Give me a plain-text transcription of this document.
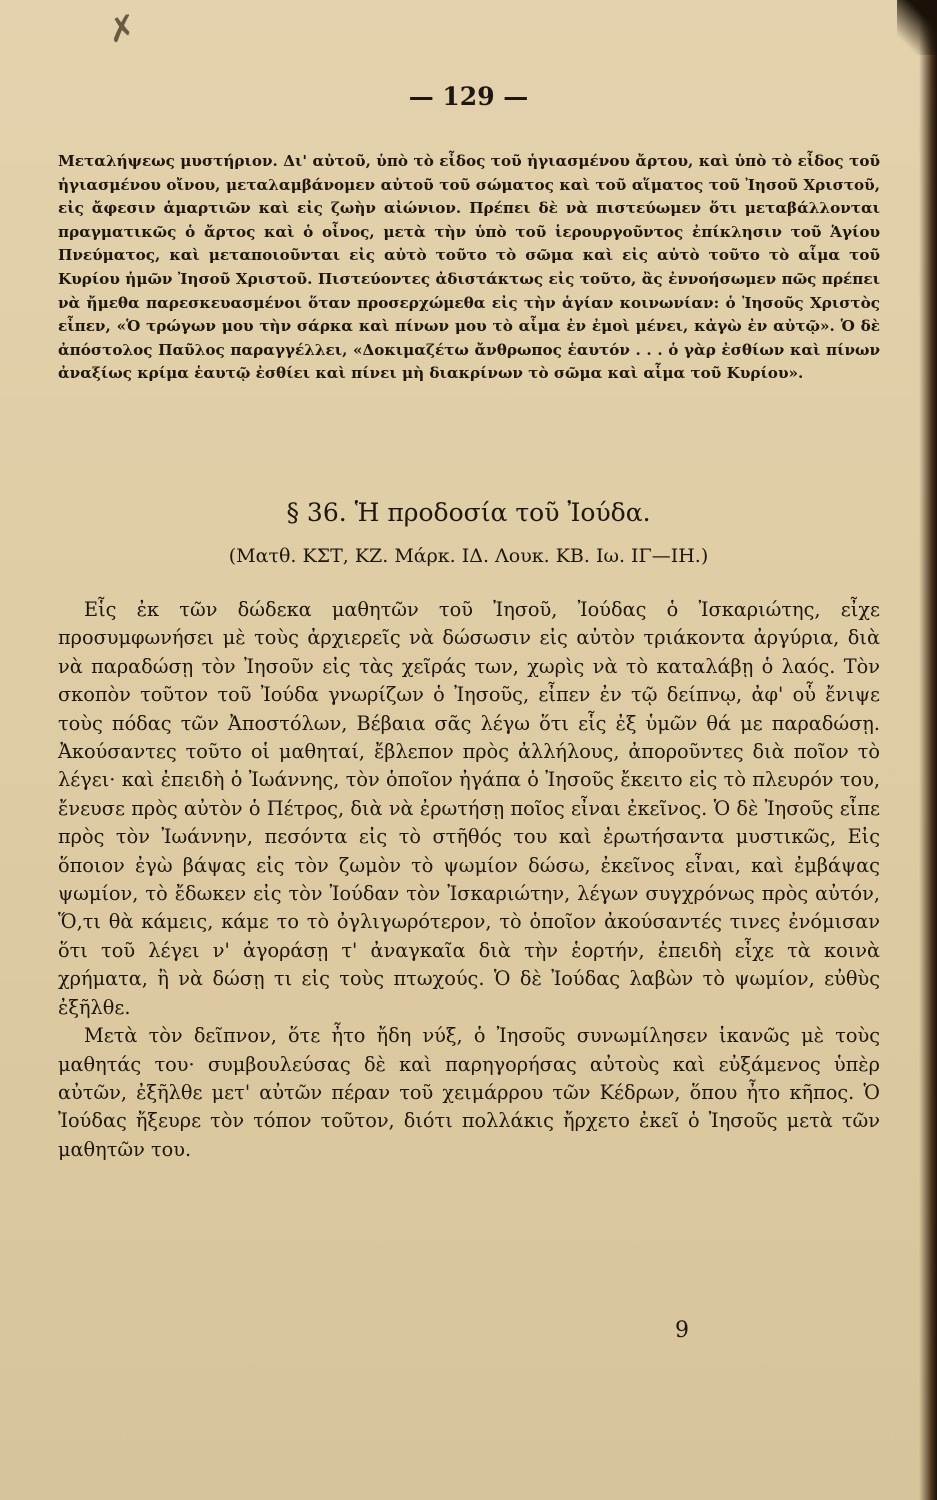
✗
— 129 —

Μεταλήψεως μυστήριον. Δι' αὐτοῦ, ὑπὸ τὸ εἶδος τοῦ ἡγιασμένου ἄρτου, καὶ ὑπὸ τὸ εἶδος τοῦ ἡγιασμένου οἴνου, μεταλαμβάνομεν αὐτοῦ τοῦ σώματος καὶ τοῦ αἵματος τοῦ Ἰησοῦ Χριστοῦ, εἰς ἄφεσιν ἁμαρτιῶν καὶ εἰς ζωὴν αἰώνιον. Πρέπει δὲ νὰ πιστεύωμεν ὅτι μεταβάλλονται πραγματικῶς ὁ ἄρτος καὶ ὁ οἶνος, μετὰ τὴν ὑπὸ τοῦ ἱερουργοῦντος ἐπίκλησιν τοῦ Ἁγίου Πνεύματος, καὶ μεταποιοῦνται εἰς αὐτὸ τοῦτο τὸ σῶμα καὶ εἰς αὐτὸ τοῦτο τὸ αἷμα τοῦ Κυρίου ἡμῶν Ἰησοῦ Χριστοῦ. Πιστεύοντες ἀδιστάκτως εἰς τοῦτο, ἂς ἐννοήσωμεν πῶς πρέπει νὰ ἤμεθα παρεσκευασμένοι ὅταν προσερχώμεθα εἰς τὴν ἁγίαν κοινωνίαν: ὁ Ἰησοῦς Χριστὸς εἶπεν, «Ὁ τρώγων μου τὴν σάρκα καὶ πίνων μου τὸ αἷμα ἐν ἐμοὶ μένει, κἀγὼ ἐν αὐτῷ». Ὁ δὲ ἀπόστολος Παῦλος παραγγέλλει, «Δοκιμαζέτω ἄνθρωπος ἑαυτόν . . . ὁ γὰρ ἐσθίων καὶ πίνων ἀναξίως κρίμα ἑαυτῷ ἐσθίει καὶ πίνει μὴ διακρίνων τὸ σῶμα καὶ αἷμα τοῦ Κυρίου».

§ 36. Ἡ προδοσία τοῦ Ἰούδα.
(Ματθ. ΚΣΤ, ΚΖ. Μάρκ. ΙΔ. Λουκ. ΚΒ. Ιω. ΙΓ—ΙΗ.)

Εἷς ἐκ τῶν δώδεκα μαθητῶν τοῦ Ἰησοῦ, Ἰούδας ὁ Ἰσκαριώτης, εἶχε προσυμφωνήσει μὲ τοὺς ἀρχιερεῖς νὰ δώσωσιν εἰς αὐτὸν τριάκοντα ἀργύρια, διὰ νὰ παραδώσῃ τὸν Ἰησοῦν εἰς τὰς χεῖράς των, χωρὶς νὰ τὸ καταλάβῃ ὁ λαός. Τὸν σκοπὸν τοῦτον τοῦ Ἰούδα γνωρίζων ὁ Ἰησοῦς, εἶπεν ἐν τῷ δείπνῳ, ἀφ' οὗ ἔνιψε τοὺς πόδας τῶν Ἀποστόλων, Βέβαια σᾶς λέγω ὅτι εἷς ἐξ ὑμῶν θά με παραδώσῃ. Ἀκούσαντες τοῦτο οἱ μαθηταί, ἔβλεπον πρὸς ἀλλήλους, ἀποροῦντες διὰ ποῖον τὸ λέγει· καὶ ἐπειδὴ ὁ Ἰωάννης, τὸν ὁποῖον ἠγάπα ὁ Ἰησοῦς ἔκειτο εἰς τὸ πλευρόν του, ἔνευσε πρὸς αὐτὸν ὁ Πέτρος, διὰ νὰ ἐρωτήσῃ ποῖος εἶναι ἐκεῖνος. Ὁ δὲ Ἰησοῦς εἶπε πρὸς τὸν Ἰωάννην, πεσόντα εἰς τὸ στῆθός του καὶ ἐρωτήσαντα μυστικῶς, Εἰς ὅποιον ἐγὼ βάψας εἰς τὸν ζωμὸν τὸ ψωμίον δώσω, ἐκεῖνος εἶναι, καὶ ἐμβάψας ψωμίον, τὸ ἔδωκεν εἰς τὸν Ἰούδαν τὸν Ἰσκαριώτην, λέγων συγχρόνως πρὸς αὐτόν, Ὅ,τι θὰ κάμεις, κάμε το τὸ ὀγλιγωρότερον, τὸ ὁποῖον ἀκούσαντές τινες ἐνόμισαν ὅτι τοῦ λέγει ν' ἀγοράσῃ τ' ἀναγκαῖα διὰ τὴν ἑορτήν, ἐπειδὴ εἶχε τὰ κοινὰ χρήματα, ἢ νὰ δώσῃ τι εἰς τοὺς πτωχούς. Ὁ δὲ Ἰούδας λαβὼν τὸ ψωμίον, εὐθὺς ἐξῆλθε.

Μετὰ τὸν δεῖπνον, ὅτε ἦτο ἤδη νύξ, ὁ Ἰησοῦς συνωμίλησεν ἱκανῶς μὲ τοὺς μαθητάς του· συμβουλεύσας δὲ καὶ παρηγορήσας αὐτοὺς καὶ εὐξάμενος ὑπὲρ αὐτῶν, ἐξῆλθε μετ' αὐτῶν πέραν τοῦ χειμάρρου τῶν Κέδρων, ὅπου ἦτο κῆπος. Ὁ Ἰούδας ἤξευρε τὸν τόπον τοῦτον, διότι πολλάκις ἤρχετο ἐκεῖ ὁ Ἰησοῦς μετὰ τῶν μαθητῶν του.

9
